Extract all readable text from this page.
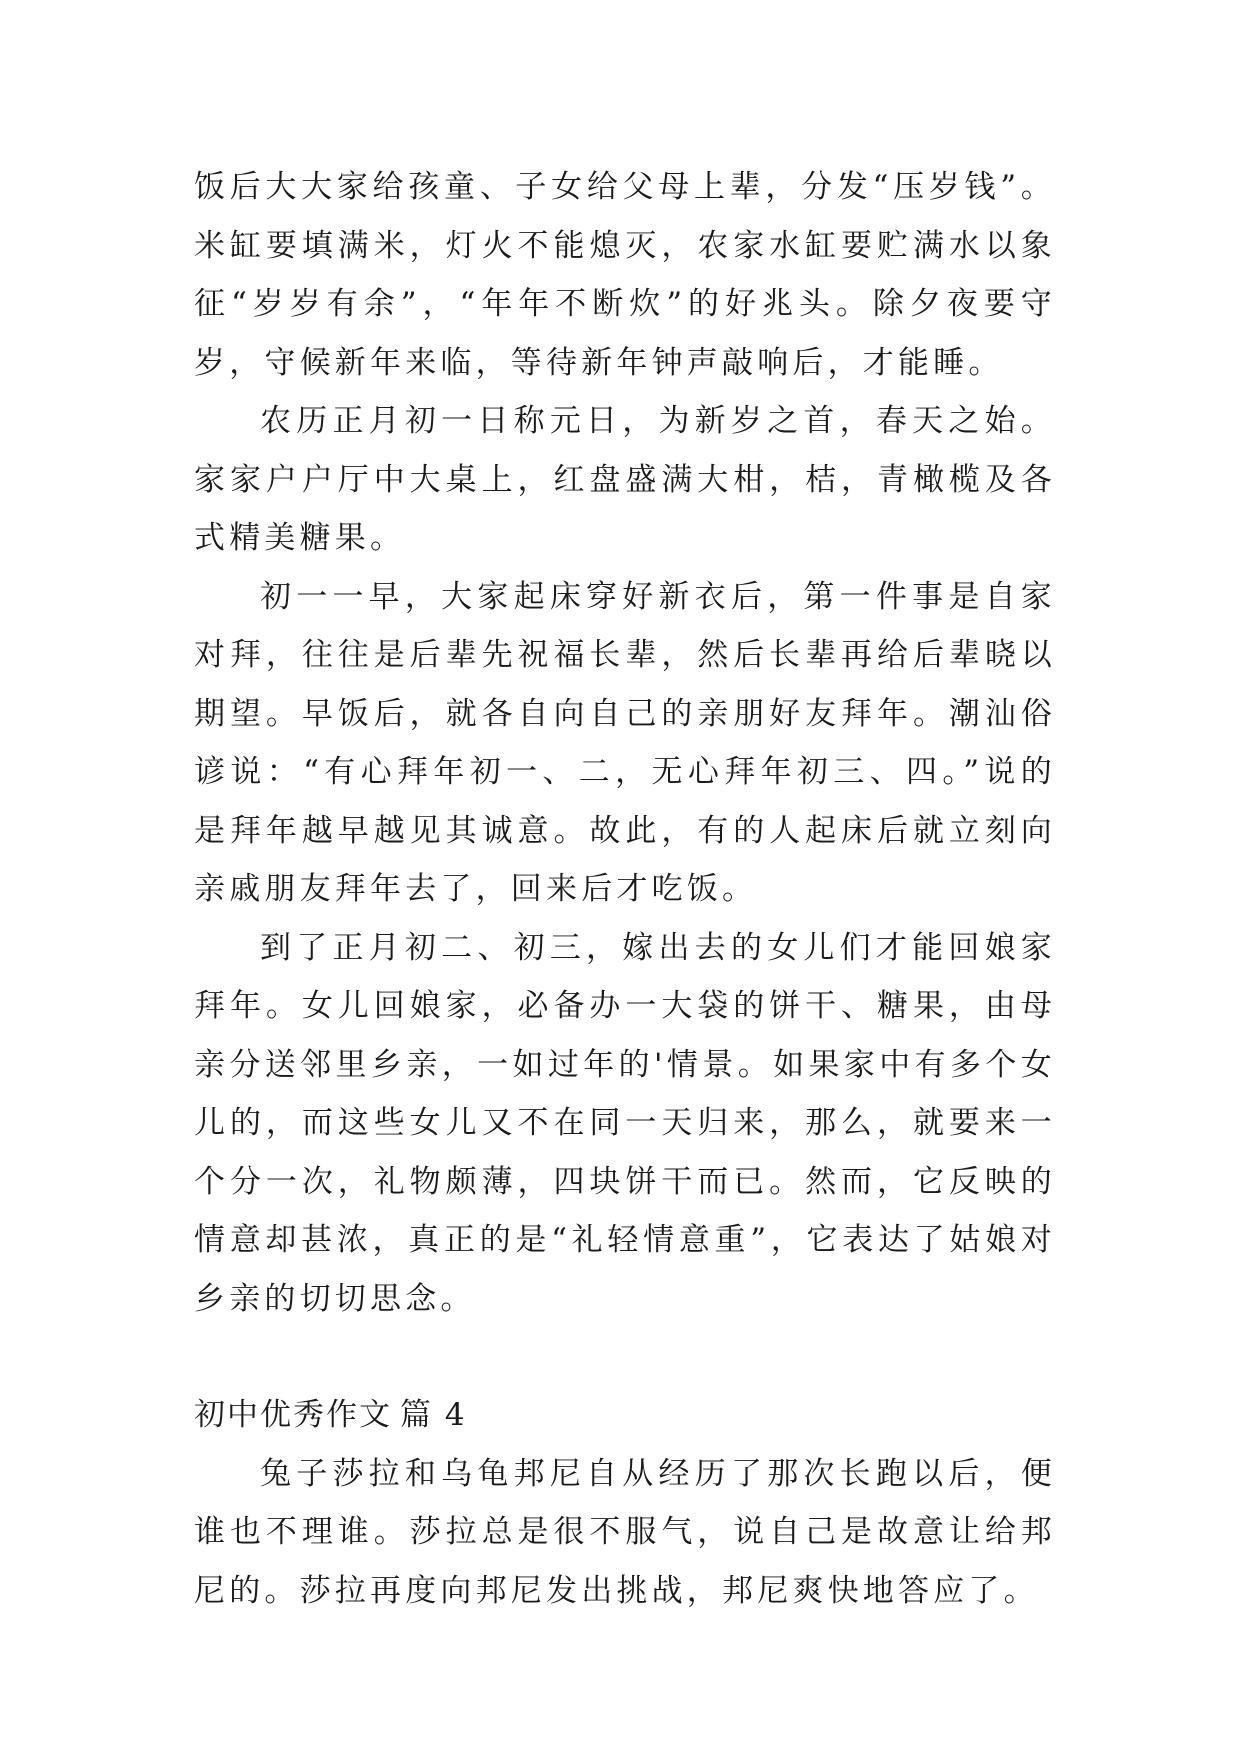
饭后大大家给孩童、子女给父母上辈，分发“压岁钱”。米缸要填满米，灯火不能熄灭，农家水缸要贮满水以象征“岁岁有余”，“年年不断炊”的好兆头。除夕夜要守岁，守候新年来临，等待新年钟声敲响后，才能睡。

农历正月初一日称元日，为新岁之首，春天之始。家家户户厅中大桌上，红盘盛满大柑，桔，青橄榄及各式精美糖果。

初一一早，大家起床穿好新衣后，第一件事是自家对拜，往往是后辈先祝福长辈，然后长辈再给后辈晓以期望。早饭后，就各自向自己的亲朋好友拜年。潮汕俗谚说：“有心拜年初一、二，无心拜年初三、四。”说的是拜年越早越见其诚意。故此，有的人起床后就立刻向亲戚朋友拜年去了，回来后才吃饭。

到了正月初二、初三，嫁出去的女儿们才能回娘家拜年。女儿回娘家，必备办一大袋的饼干、糖果，由母亲分送邻里乡亲，一如过年的'情景。如果家中有多个女儿的，而这些女儿又不在同一天归来，那么，就要来一个分一次，礼物颇薄，四块饼干而已。然而，它反映的情意却甚浓，真正的是“礼轻情意重”，它表达了姑娘对乡亲的切切思念。

初中优秀作文 篇 4

兔子莎拉和乌龟邦尼自从经历了那次长跑以后，便谁也不理谁。莎拉总是很不服气，说自己是故意让给邦尼的。莎拉再度向邦尼发出挑战，邦尼爽快地答应了。
